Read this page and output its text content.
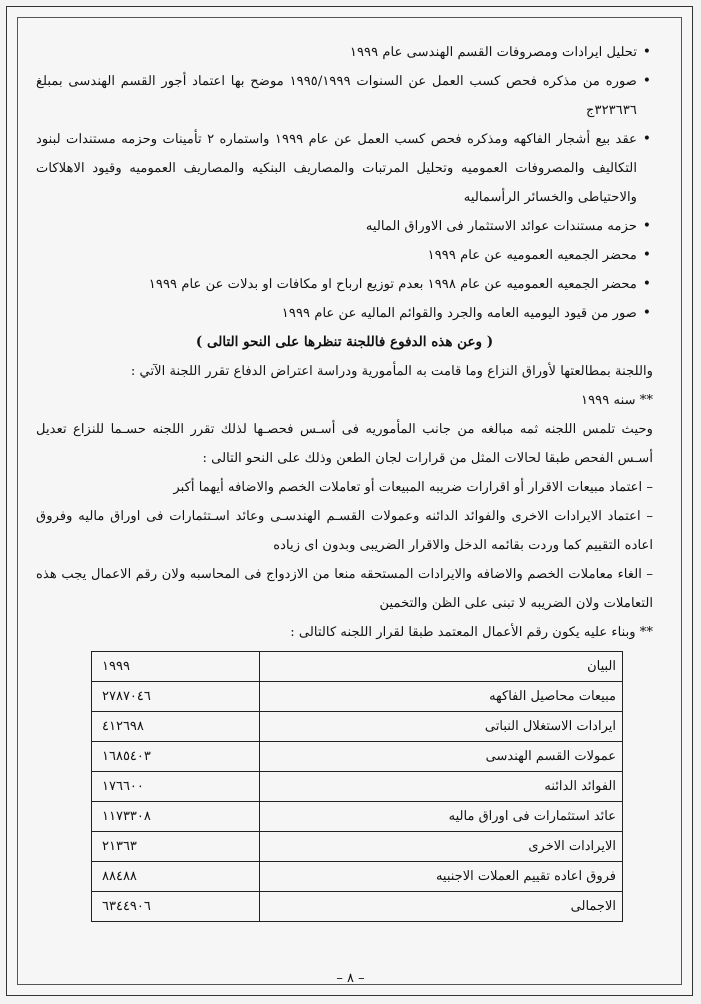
• تحليل ايرادات ومصروفات القسم الهندسى عام ١٩٩٩

• صوره من مذكره فحص كسب العمل عن السنوات ١٩٩٥/١٩٩٩ موضح بها اعتماد أجور القسم الهندسى بمبلغ ٣٢٣٦٣٦ج

• عقد بيع أشجار الفاكهه ومذكره فحص كسب العمل عن عام ١٩٩٩ واستماره ٢ تأمينات وحزمه مستندات لبنود التكاليف والمصروفات العموميه وتحليل المرتبات والمصاريف البنكيه والمصاريف العموميه وقيود الاهلاكات والاحتياطى والخسائر الرأسماليه

• حزمه مستندات عوائد الاستثمار فى الاوراق الماليه

• محضر الجمعيه العموميه عن عام ١٩٩٩

• محضر الجمعيه العموميه عن عام ١٩٩٨ بعدم توزيع ارباح او مكافات او بدلات عن عام ١٩٩٩

• صور من قيود اليوميه العامه والجرد والقوائم الماليه عن عام ١٩٩٩

( وعن هذه الدفوع فاللجنة تنظرها على النحو التالى )

واللجنة بمطالعتها لأوراق النزاع وما قامت به المأمورية ودراسة اعتراض الدفاع تقرر اللجنة الآتي :

** سنه ١٩٩٩

وحيث تلمس اللجنه ثمه مبالغه من جانب المأموريه فى أسـس فحصـها لذلك تقرر اللجنه حسـما للنزاع تعديل أسـس الفحص طبقا لحالات المثل من قرارات لجان الطعن وذلك على النحو التالى :

– اعتماد مبيعات الاقرار أو اقرارات ضريبه المبيعات أو تعاملات الخصم والاضافه أيهما أكبر

– اعتماد الايرادات الاخرى والفوائد الدائنه وعمولات القسـم الهندسـى وعائد اسـتثمارات فى اوراق ماليه وفروق اعاده التقييم كما وردت بقائمه الدخل والاقرار الضريبى وبدون اى زياده

– الغاء معاملات الخصم والاضافه والايرادات المستحقه منعا من الازدواج فى المحاسبه ولان رقم الاعمال يجب هذه التعاملات ولان الضريبه لا تبنى على الظن والتخمين

** وبناء عليه يكون رقم الأعمال المعتمد طبقا لقرار اللجنه كالتالى :

البيان	١٩٩٩
مبيعات محاصيل الفاكهه	٢٧٨٧٠٤٦
ايرادات الاستغلال النباتى	٤١٢٦٩٨
عمولات القسم الهندسى	١٦٨٥٤٠٣
الفوائد الدائنه	١٧٦٦٠٠
عائد استثمارات فى اوراق ماليه	١١٧٣٣٠٨
الايرادات الاخرى	٢١٣٦٣
فروق اعاده تقييم العملات الاجنبيه	٨٨٤٨٨
الاجمالى	٦٣٤٤٩٠٦
– ٨ –
